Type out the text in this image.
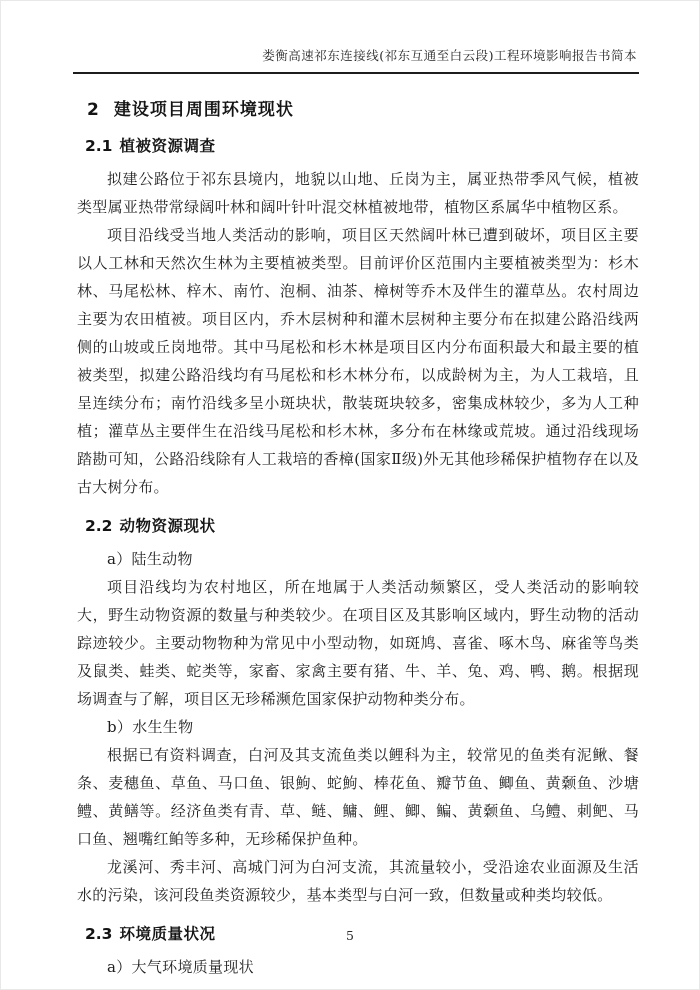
娄衡高速祁东连接线(祁东互通至白云段)工程环境影响报告书简本
2 建设项目周围环境现状
2.1 植被资源调查

拟建公路位于祁东县境内，地貌以山地、丘岗为主，属亚热带季风气候，植被类型属亚热带常绿阔叶林和阔叶针叶混交林植被地带，植物区系属华中植物区系。

项目沿线受当地人类活动的影响，项目区天然阔叶林已遭到破坏，项目区主要以人工林和天然次生林为主要植被类型。目前评价区范围内主要植被类型为：杉木林、马尾松林、梓木、南竹、泡桐、油茶、樟树等乔木及伴生的灌草丛。农村周边主要为农田植被。项目区内，乔木层树种和灌木层树种主要分布在拟建公路沿线两侧的山坡或丘岗地带。其中马尾松和杉木林是项目区内分布面积最大和最主要的植被类型，拟建公路沿线均有马尾松和杉木林分布，以成龄树为主，为人工栽培，且呈连续分布；南竹沿线多呈小斑块状，散装斑块较多，密集成林较少，多为人工种植；灌草丛主要伴生在沿线马尾松和杉木林，多分布在林缘或荒坡。通过沿线现场踏勘可知，公路沿线除有人工栽培的香樟(国家Ⅱ级)外无其他珍稀保护植物存在以及古大树分布。

2.2 动物资源现状

a）陆生动物

项目沿线均为农村地区，所在地属于人类活动频繁区，受人类活动的影响较大，野生动物资源的数量与种类较少。在项目区及其影响区域内，野生动物的活动踪迹较少。主要动物物种为常见中小型动物，如斑鸠、喜雀、啄木鸟、麻雀等鸟类及鼠类、蛙类、蛇类等，家畜、家禽主要有猪、牛、羊、兔、鸡、鸭、鹅。根据现场调查与了解，项目区无珍稀濒危国家保护动物种类分布。

b）水生生物

根据已有资料调查，白河及其支流鱼类以鲤科为主，较常见的鱼类有泥鳅、餐条、麦穗鱼、草鱼、马口鱼、银鮈、蛇鮈、棒花鱼、瓣节鱼、鲫鱼、黄颡鱼、沙塘鳢、黄鳝等。经济鱼类有青、草、鲢、鳙、鲤、鲫、鳊、黄颡鱼、乌鳢、刺鲃、马口鱼、翘嘴红鲌等多种，无珍稀保护鱼种。

龙溪河、秀丰河、高城门河为白河支流，其流量较小，受沿途农业面源及生活水的污染，该河段鱼类资源较少，基本类型与白河一致，但数量或种类均较低。

2.3 环境质量状况

a）大气环境质量现状

5
